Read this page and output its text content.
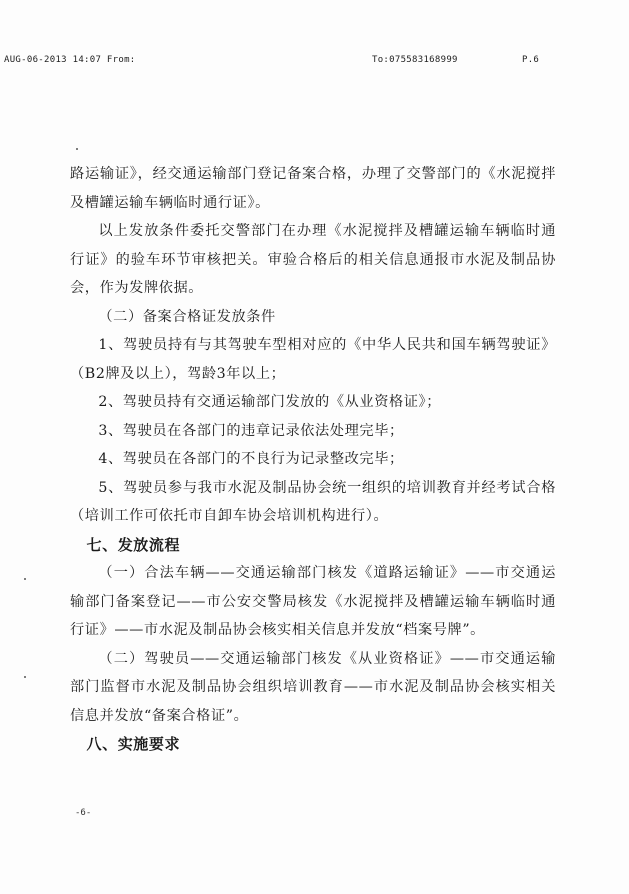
AUG-06-2013 14:07 From:	To:075583168999	P.6

路运输证》，经交通运输部门登记备案合格，办理了交警部门的《水泥搅拌及槽罐运输车辆临时通行证》。

以上发放条件委托交警部门在办理《水泥搅拌及槽罐运输车辆临时通行证》的验车环节审核把关。审验合格后的相关信息通报市水泥及制品协会，作为发牌依据。

（二）备案合格证发放条件

1、驾驶员持有与其驾驶车型相对应的《中华人民共和国车辆驾驶证》（B2牌及以上），驾龄3年以上；

2、驾驶员持有交通运输部门发放的《从业资格证》；

3、驾驶员在各部门的违章记录依法处理完毕；

4、驾驶员在各部门的不良行为记录整改完毕；

5、驾驶员参与我市水泥及制品协会统一组织的培训教育并经考试合格（培训工作可依托市自卸车协会培训机构进行）。

七、发放流程

（一）合法车辆——交通运输部门核发《道路运输证》——市交通运输部门备案登记——市公安交警局核发《水泥搅拌及槽罐运输车辆临时通行证》——市水泥及制品协会核实相关信息并发放“档案号牌”。

（二）驾驶员——交通运输部门核发《从业资格证》——市交通运输部门监督市水泥及制品协会组织培训教育——市水泥及制品协会核实相关信息并发放“备案合格证”。

八、实施要求

-6-
